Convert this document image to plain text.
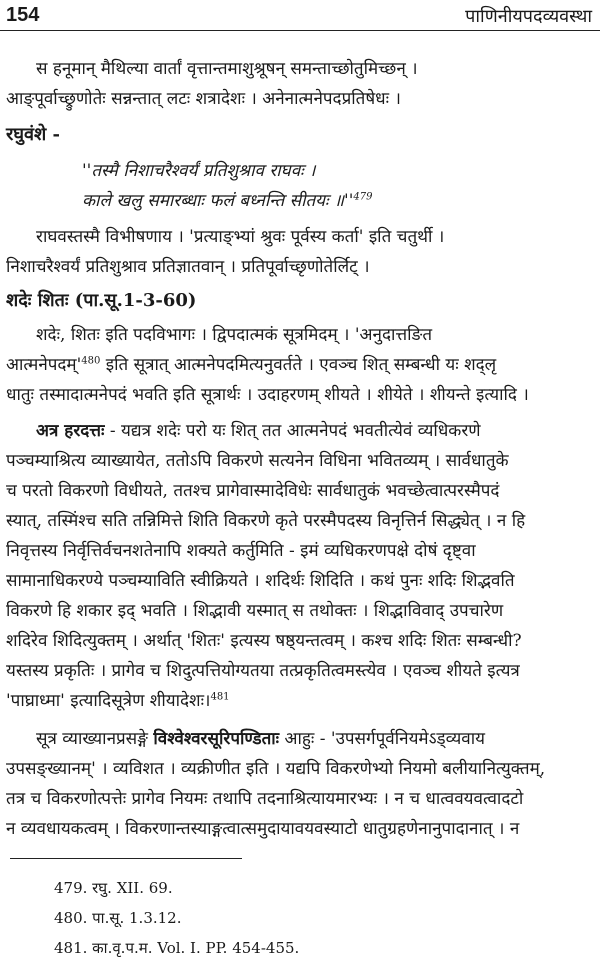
154	पाणिनीयपदव्यवस्था
स हनूमान् मैथिल्या वार्तां वृत्तान्तमाशुश्रूषन् समन्ताच्छोतुमिच्छन् ।
आङ्पूर्वाच्छ्रुणोतेः सन्नन्तात् लटः शत्रादेशः । अनेनात्मनेपदप्रतिषेधः ।
रघुवंशे -
''तस्मै निशाचरैश्वर्यं प्रतिशुश्राव राघवः ।
काले खलु समारब्धाः फलं बध्नन्ति सीतयः $॥''^{479}$
राघवस्तस्मै विभीषणाय । 'प्रत्याङ्भ्यां श्रुवः पूर्वस्य कर्ता' इति चतुर्थी ।
निशाचरैश्वर्यं प्रतिशुश्राव प्रतिज्ञातवान् । प्रतिपूर्वाच्छृणोतेर्लिट् ।
शदेः शितः (पा.सू.1-3-60)
शदेः, शितः इति पदविभागः । द्विपदात्मकं सूत्रमिदम् । 'अनुदात्तङित
$आत्मनेपदम्'^{480}$ इति सूत्रात् आत्मनेपदमित्यनुवर्तते । एवञ्च शित् सम्बन्धी यः शद्लृ
धातुः तस्मादात्मनेपदं भवति इति सूत्रार्थः । उदाहरणम् शीयते । शीयेते । शीयन्ते इत्यादि ।
अत्र हरदत्तः - यद्यत्र शदेः परो यः शित् तत आत्मनेपदं भवतीत्येवं व्यधिकरणे
पञ्चम्याश्रित्य व्याख्यायेत, ततोऽपि विकरणे सत्यनेन विधिना भवितव्यम् । सार्वधातुके
च परतो विकरणो विधीयते, ततश्च प्रागेवास्मादेविधेः सार्वधातुकं भवच्छेत्वात्परस्मैपदं
स्यात्, तस्मिंश्च सति तन्निमित्ते शिति विकरणे कृते परस्मैपदस्य विनृत्तिर्न सिद्ध्येत् । न हि
निवृत्तस्य निर्वृत्तिर्वचनशतेनापि शक्यते कर्तुमिति - इमं व्यधिकरणपक्षे दोषं दृष्ट्वा
सामानाधिकरण्ये पञ्चम्याविति स्वीक्रियते । शदिर्थः शिदिति । कथं पुनः शदिः शिद्भवति
विकरणे हि शकार इद् भवति । शिद्भावी यस्मात् स तथोक्तः । शिद्भाविवाद् उपचारेण
शदिरेव शिदित्युक्तम् । अर्थात् 'शितः' इत्यस्य षष्ठ्यन्तत्वम् । कश्च शदिः शितः सम्बन्धी?
यस्तस्य प्रकृतिः । प्रागेव च शिदुत्पत्तियोग्यतया तत्प्रकृतित्वमस्त्येव । एवञ्च शीयते इत्यत्र
'पाघ्राध्मा' इत्यादिसूत्रेण शीयादेशः।$^{481}$
सूत्र व्याख्यानप्रसङ्गे विश्वेश्वरसूरिपण्डिताः आहुः - 'उपसर्गपूर्वनियमेऽड्व्यवाय
उपसङ्ख्यानम्' । व्यविशत । व्यक्रीणीत इति । यद्यपि विकरणेभ्यो नियमो बलीयानित्युक्तम्,
तत्र च विकरणोत्पत्तेः प्रागेव नियमः तथापि तदनाश्रित्यायमारभ्यः । न च धात्ववयवत्वादटो
न व्यवधायकत्वम् । विकरणान्तस्याङ्गत्वात्समुदायावयवस्याटो धातुग्रहणेनानुपादानात् । न
479. रघु. XII. 69.
480. पा.सू. 1.3.12.
481. का.वृ.प.म. Vol. I. PP. 454-455.
